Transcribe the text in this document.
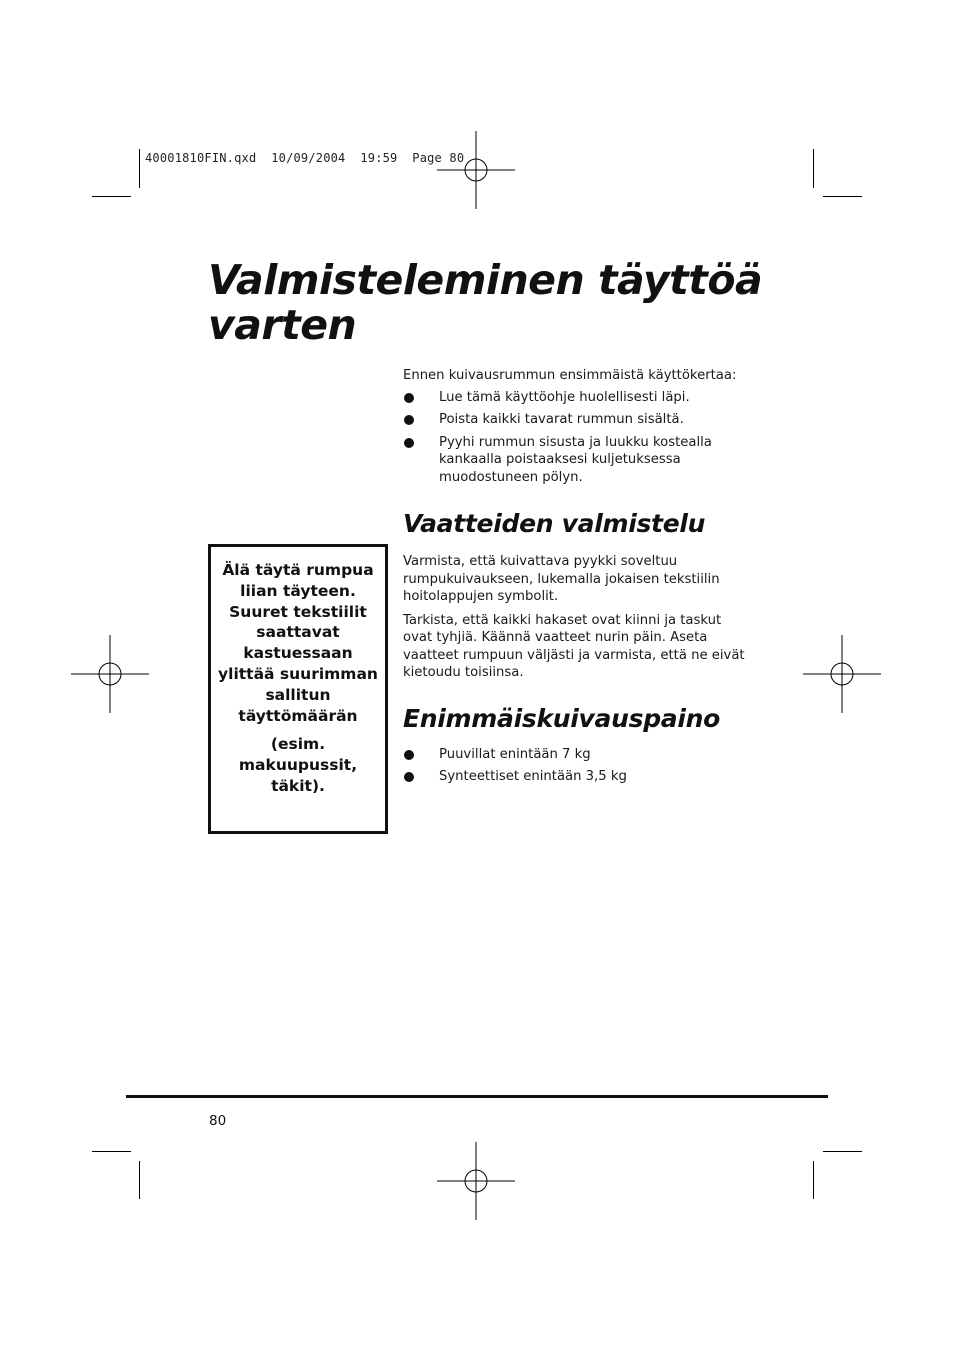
40001810FIN.qxd  10/09/2004  19:59  Page 80
Valmisteleminen täyttöä
varten

Ennen kuivausrummun ensimmäistä käyttökertaa:

Lue tämä käyttöohje huolellisesti läpi.
Poista kaikki tavarat rummun sisältä.
Pyyhi rummun sisusta ja luukku kostealla kankaalla poistaaksesi kuljetuksessa muodostuneen pölyn.
Vaatteiden valmistelu

Varmista, että kuivattava pyykki soveltuu rumpukuivaukseen, lukemalla jokaisen tekstiilin hoitolappujen symbolit.

Tarkista, että kaikki hakaset ovat kiinni ja taskut ovat tyhjiä. Käännä vaatteet nurin päin. Aseta vaatteet rumpuun väljästi ja varmista, että ne eivät kietoudu toisiinsa.

Enimmäiskuivauspaino
Puuvillat enintään 7 kg
Synteettiset enintään 3,5 kg

Älä täytä rumpua liian täyteen. Suuret tekstiilit saattavat kastuessaan ylittää suurimman sallitun täyttömäärän

(esim. makuupussit, täkit).

80
